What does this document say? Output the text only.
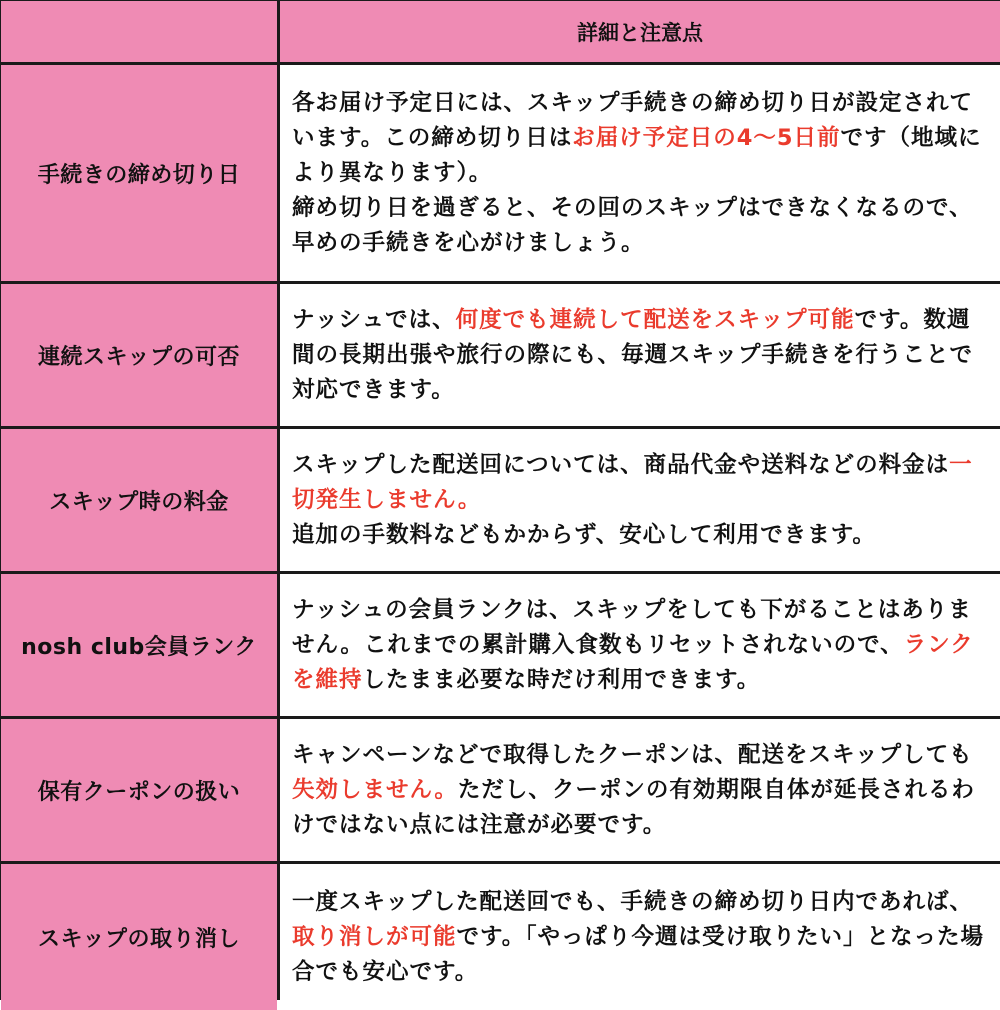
詳細と注意点
手続きの締め切り日
各お届け予定日には、スキップ手続きの締め切り日が設定されています。この締め切り日はお届け予定日の4～5日前です（地域により異なります）。
締め切り日を過ぎると、その回のスキップはできなくなるので、早めの手続きを心がけましょう。
連続スキップの可否
ナッシュでは、何度でも連続して配送をスキップ可能です。数週間の長期出張や旅行の際にも、毎週スキップ手続きを行うことで対応できます。
スキップ時の料金
スキップした配送回については、商品代金や送料などの料金は一切発生しません。
追加の手数料などもかからず、安心して利用できます。
nosh club会員ランク
ナッシュの会員ランクは、スキップをしても下がることはありません。これまでの累計購入食数もリセットされないので、ランクを維持したまま必要な時だけ利用できます。
保有クーポンの扱い
キャンペーンなどで取得したクーポンは、配送をスキップしても失効しません。ただし、クーポンの有効期限自体が延長されるわけではない点には注意が必要です。
スキップの取り消し
一度スキップした配送回でも、手続きの締め切り日内であれば、取り消しが可能です。「やっぱり今週は受け取りたい」となった場合でも安心です。
